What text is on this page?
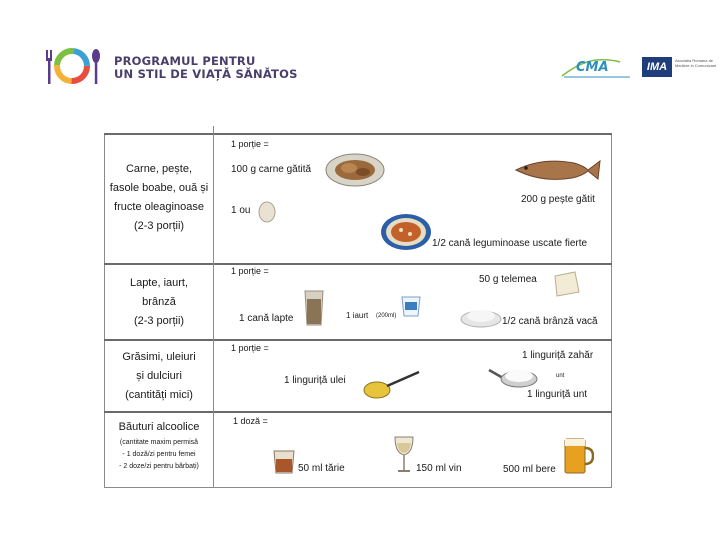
PROGRAMUL PENTRU
UN STIL DE VIAȚĂ SĂNĂTOS	CMA	IMA
Asociatia Romana de Mediere in Comunicare
Carne, pește,
fasole boabe, ouă și
fructe oleaginoase
(2-3 porții)
1 porție =
100 g carne gătită
200 g pește gătit
1 ou
1/2 cană leguminoase uscate fierte
Lapte, iaurt,
brânză
(2-3 porții)
1 porție =
50 g telemea
1 cană lapte	1 iaurt (200ml)	1/2 cană brânză vacă
Grăsimi, uleiuri
și dulciuri
(cantități mici)
1 porție =
1 linguriță zahăr
1 linguriță ulei	unt
1 linguriță unt
Băuturi alcoolice
(cantitate maxim permisă
- 1 doză/zi pentru femei
- 2 doze/zi pentru bărbați)
1 doză =
50 ml tărie	150 ml vin	500 ml bere
